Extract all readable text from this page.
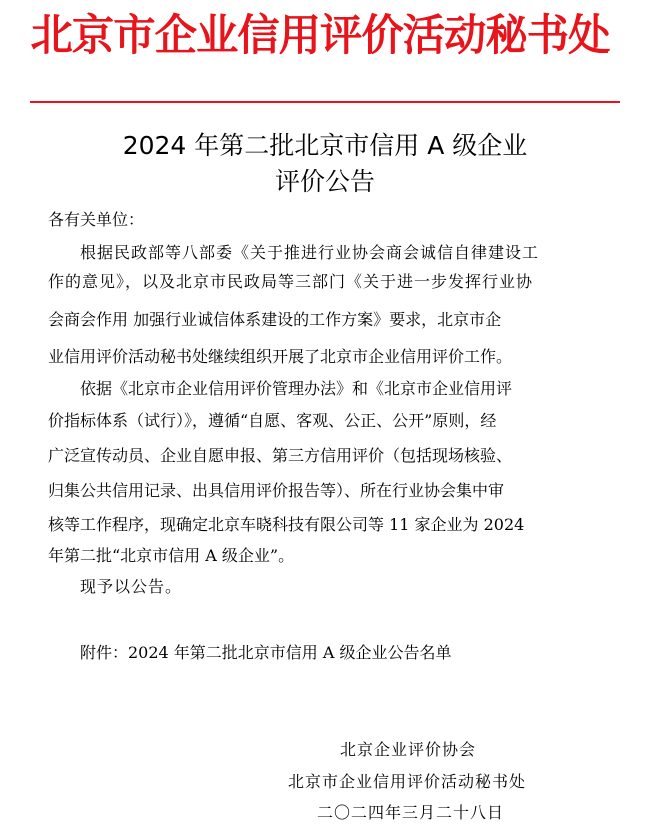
北京市企业信用评价活动秘书处
2024 年第二批北京市信用 A 级企业
评价公告
各有关单位：
根据民政部等八部委《关于推进行业协会商会诚信自律建设工
作的意见》，以及北京市民政局等三部门《关于进一步发挥行业协
会商会作用 加强行业诚信体系建设的工作方案》要求，北京市企
业信用评价活动秘书处继续组织开展了北京市企业信用评价工作。
依据《北京市企业信用评价管理办法》和《北京市企业信用评
价指标体系（试行）》，遵循“自愿、客观、公正、公开”原则，经
广泛宣传动员、企业自愿申报、第三方信用评价（包括现场核验、
归集公共信用记录、出具信用评价报告等）、所在行业协会集中审
核等工作程序，现确定北京车晓科技有限公司等 11 家企业为 2024
年第二批“北京市信用 A 级企业”。
现予以公告。
附件：2024 年第二批北京市信用 A 级企业公告名单
北京企业评价协会
北京市企业信用评价活动秘书处
二〇二四年三月二十八日
